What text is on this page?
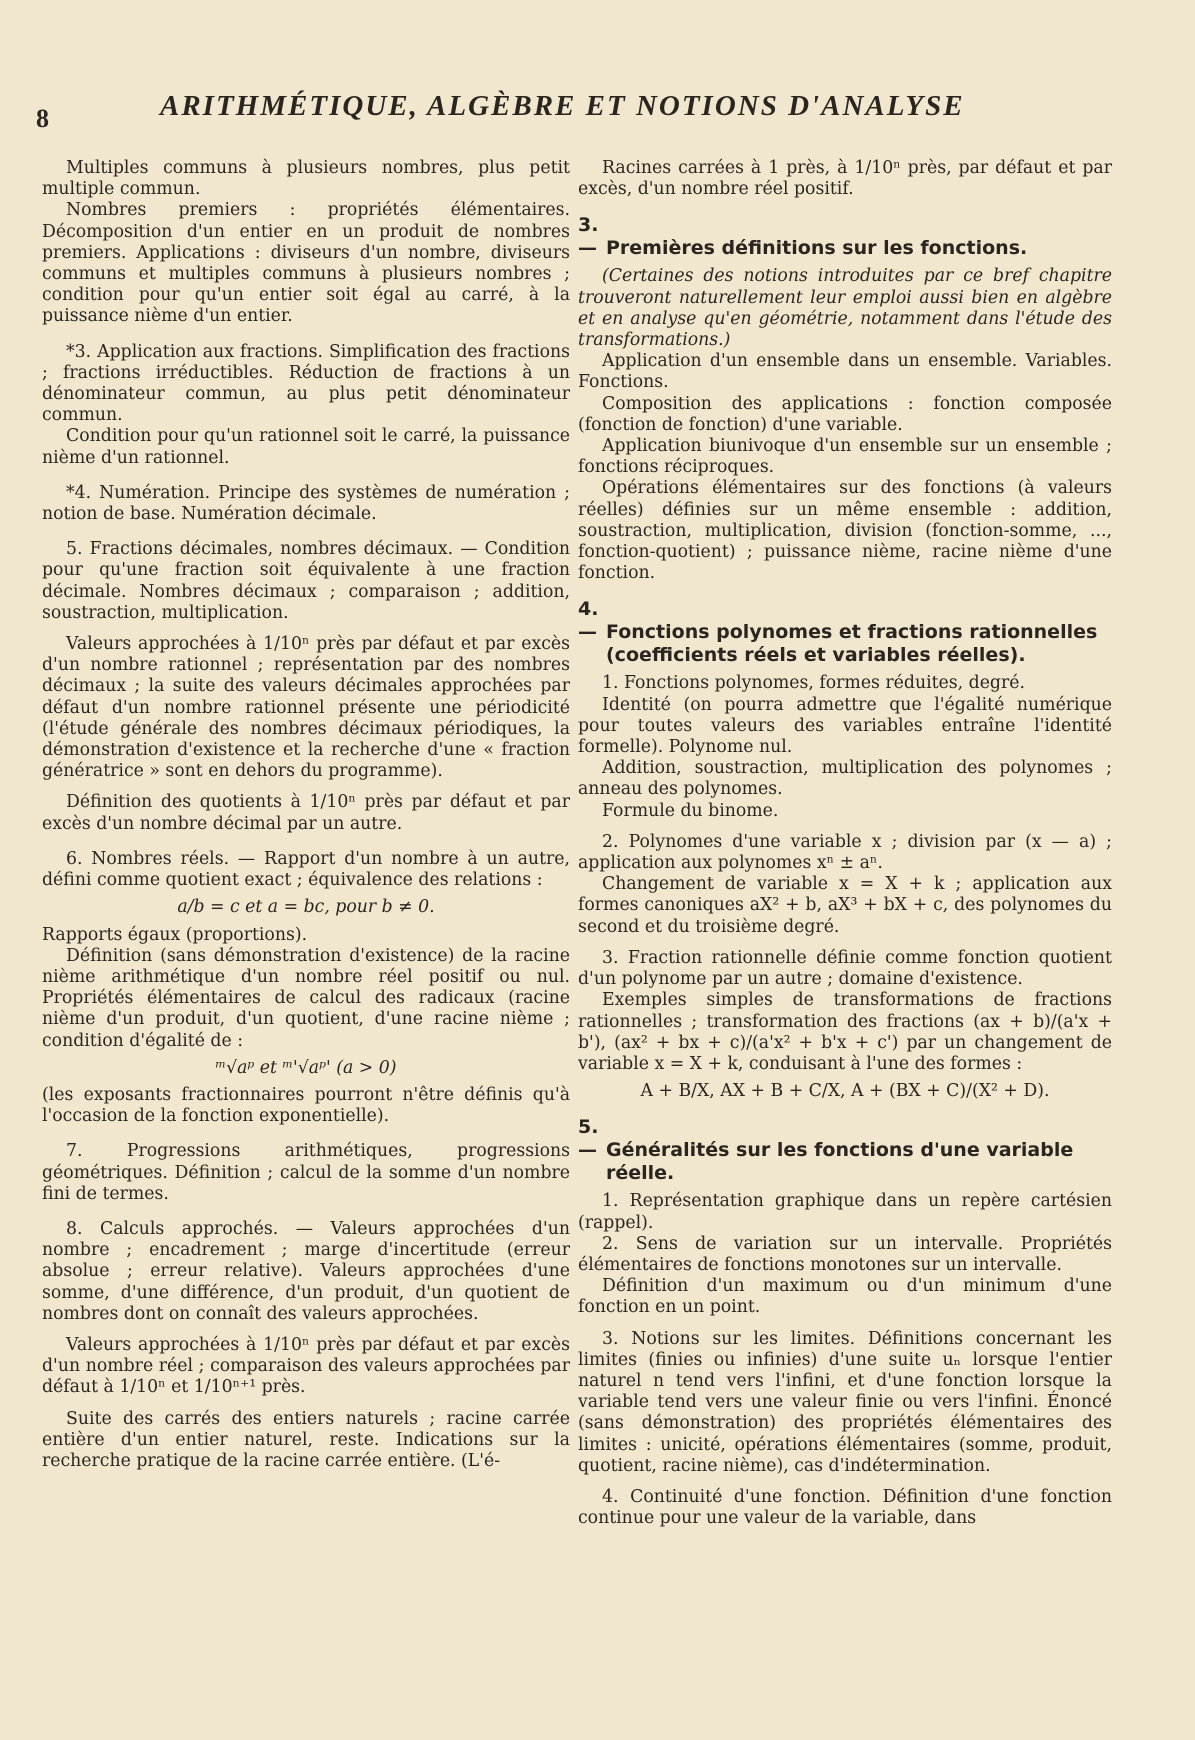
8	ARITHMÉTIQUE, ALGÈBRE ET NOTIONS D'ANALYSE

Multiples communs à plusieurs nombres, plus petit multiple commun.

Nombres premiers : propriétés élémentaires. Décomposition d'un entier en un produit de nombres premiers. Applications : diviseurs d'un nombre, diviseurs communs et multiples communs à plusieurs nombres ; condition pour qu'un entier soit égal au carré, à la puissance nième d'un entier.

*3. Application aux fractions. Simplification des fractions ; fractions irréductibles. Réduction de fractions à un dénominateur commun, au plus petit dénominateur commun.

Condition pour qu'un rationnel soit le carré, la puissance nième d'un rationnel.

*4. Numération. Principe des systèmes de numération ; notion de base. Numération décimale.

5. Fractions décimales, nombres décimaux. — Condition pour qu'une fraction soit équivalente à une fraction décimale. Nombres décimaux ; comparaison ; addition, soustraction, multiplication.

Valeurs approchées à 1/10ⁿ près par défaut et par excès d'un nombre rationnel ; représentation par des nombres décimaux ; la suite des valeurs décimales approchées par défaut d'un nombre rationnel présente une périodicité (l'étude générale des nombres décimaux périodiques, la démonstration d'existence et la recherche d'une « fraction génératrice » sont en dehors du programme).

Définition des quotients à 1/10ⁿ près par défaut et par excès d'un nombre décimal par un autre.

6. Nombres réels. — Rapport d'un nombre à un autre, défini comme quotient exact ; équivalence des relations :

a/b = c et a = bc, pour b ≠ 0.

Rapports égaux (proportions).

Définition (sans démonstration d'existence) de la racine nième arithmétique d'un nombre réel positif ou nul. Propriétés élémentaires de calcul des radicaux (racine nième d'un produit, d'un quotient, d'une racine nième ; condition d'égalité de :

ᵐ√aᵖ et ᵐ'√aᵖ' (a > 0)

(les exposants fractionnaires pourront n'être définis qu'à l'occasion de la fonction exponentielle).

7. Progressions arithmétiques, progressions géométriques. Définition ; calcul de la somme d'un nombre fini de termes.

8. Calculs approchés. — Valeurs approchées d'un nombre ; encadrement ; marge d'incertitude (erreur absolue ; erreur relative). Valeurs approchées d'une somme, d'une différence, d'un produit, d'un quotient de nombres dont on connaît des valeurs approchées.

Valeurs approchées à 1/10ⁿ près par défaut et par excès d'un nombre réel ; comparaison des valeurs approchées par défaut à 1/10ⁿ et 1/10ⁿ⁺¹ près.

Suite des carrés des entiers naturels ; racine carrée entière d'un entier naturel, reste. Indications sur la recherche pratique de la racine carrée entière. (L'é-

Racines carrées à 1 près, à 1/10ⁿ près, par défaut et par excès, d'un nombre réel positif.

3. — Premières définitions sur les fonctions.

(Certaines des notions introduites par ce bref chapitre trouveront naturellement leur emploi aussi bien en algèbre et en analyse qu'en géométrie, notamment dans l'étude des transformations.)

Application d'un ensemble dans un ensemble. Variables. Fonctions.

Composition des applications : fonction composée (fonction de fonction) d'une variable.

Application biunivoque d'un ensemble sur un ensemble ; fonctions réciproques.

Opérations élémentaires sur des fonctions (à valeurs réelles) définies sur un même ensemble : addition, soustraction, multiplication, division (fonction-somme, ..., fonction-quotient) ; puissance nième, racine nième d'une fonction.

4. — Fonctions polynomes et fractions rationnelles (coefficients réels et variables réelles).

1. Fonctions polynomes, formes réduites, degré.

Identité (on pourra admettre que l'égalité numérique pour toutes valeurs des variables entraîne l'identité formelle). Polynome nul.

Addition, soustraction, multiplication des polynomes ; anneau des polynomes.

Formule du binome.

2. Polynomes d'une variable x ; division par (x — a) ; application aux polynomes xⁿ ± aⁿ.

Changement de variable x = X + k ; application aux formes canoniques aX² + b, aX³ + bX + c, des polynomes du second et du troisième degré.

3. Fraction rationnelle définie comme fonction quotient d'un polynome par un autre ; domaine d'existence.

Exemples simples de transformations de fractions rationnelles ; transformation des fractions (ax + b)/(a'x + b'), (ax² + bx + c)/(a'x² + b'x + c') par un changement de variable x = X + k, conduisant à l'une des formes :

A + B/X, AX + B + C/X, A + (BX + C)/(X² + D).

5. — Généralités sur les fonctions d'une variable réelle.

1. Représentation graphique dans un repère cartésien (rappel).

2. Sens de variation sur un intervalle. Propriétés élémentaires de fonctions monotones sur un intervalle.

Définition d'un maximum ou d'un minimum d'une fonction en un point.

3. Notions sur les limites. Définitions concernant les limites (finies ou infinies) d'une suite uₙ lorsque l'entier naturel n tend vers l'infini, et d'une fonction lorsque la variable tend vers une valeur finie ou vers l'infini. Énoncé (sans démonstration) des propriétés élémentaires des limites : unicité, opérations élémentaires (somme, produit, quotient, racine nième), cas d'indétermination.

4. Continuité d'une fonction. Définition d'une fonction continue pour une valeur de la variable, dans
